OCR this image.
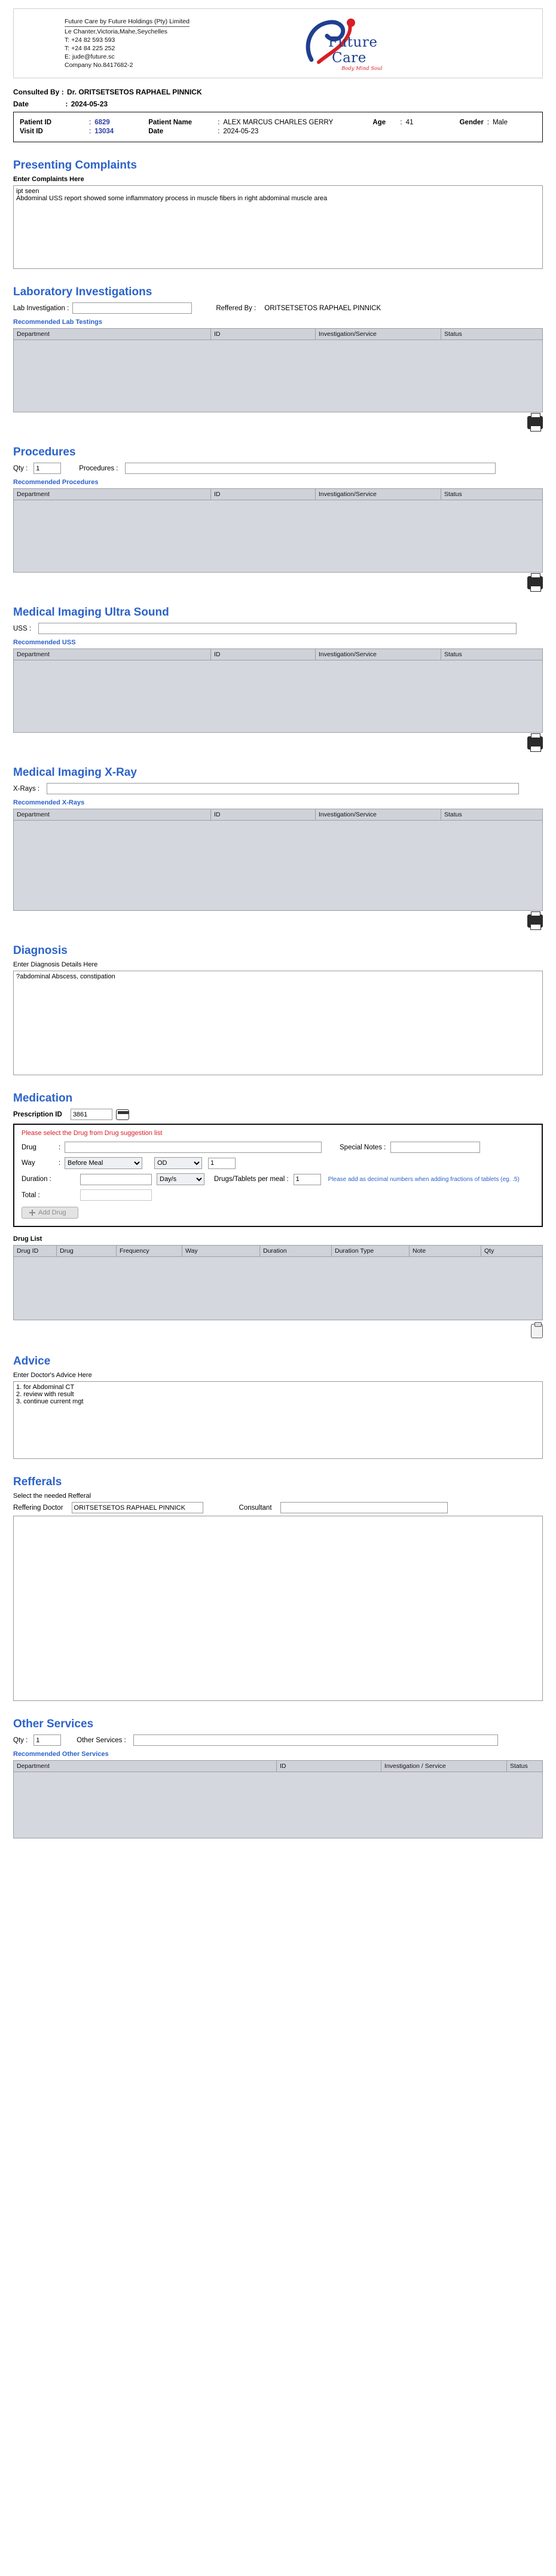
Future Care by Future Holdings (Pty) Limited
Le Chanter,Victoria,Mahe,Seychelles
T: +24 82 593 593
T: +24 84 225 252
E: jude@future.sc
Company No.8417682-2
Future
Care
Body Mind Soul
Consulted By : Dr. ORITSETSETOS RAPHAEL PINNICK
Date	: 2024-05-23
Patient ID	: 6829	Patient Name	: ALEX MARCUS CHARLES GERRY	Age	: 41	Gender : Male
Visit ID	: 13034	Date	: 2024-05-23
Presenting Complaints
Enter Complaints Here
ipt seen Abdominal USS report showed some inflammatory process in muscle fibers in right abdominal muscle area
Laboratory Investigations
Lab Investigation :	Reffered By : ORITSETSETOS RAPHAEL PINNICK
Recommended Lab Testings
Department	ID	Investigation/Service	Status
Procedures
Qty :
1	Procedures :
Recommended Procedures
Department	ID	Investigation/Service	Status
Medical Imaging Ultra Sound
USS :
Recommended USS
Department	ID	Investigation/Service	Status
Medical Imaging X-Ray
X-Rays :
Recommended X-Rays
Department	ID	Investigation/Service	Status
Diagnosis
Enter Diagnosis Details Here
?abdominal Abscess, constipation
Medication
Prescription ID
3861
Please select the Drug from Drug suggestion list
Drug	:	Special Notes :
Way	:
Before Meal
OD
1
Duration :
Day/s	Drugs/Tablets per meal :
1	Please add as decimal numbers when adding fractions of tablets (eg. .5)
Total :
Add Drug
Drug List
Drug ID	Drug	Frequency	Way	Duration	Duration Type	Note	Qty
Advice
Enter Doctor's Advice Here
1. for Abdominal CT 2. review with result 3. continue current mgt
Refferals
Select the needed Refferal
Reffering Doctor
ORITSETSETOS RAPHAEL PINNICK	Consultant
Other Services
Qty :
1	Other Services :
Recommended Other Services
Department	ID	Investigation / Service	Status
